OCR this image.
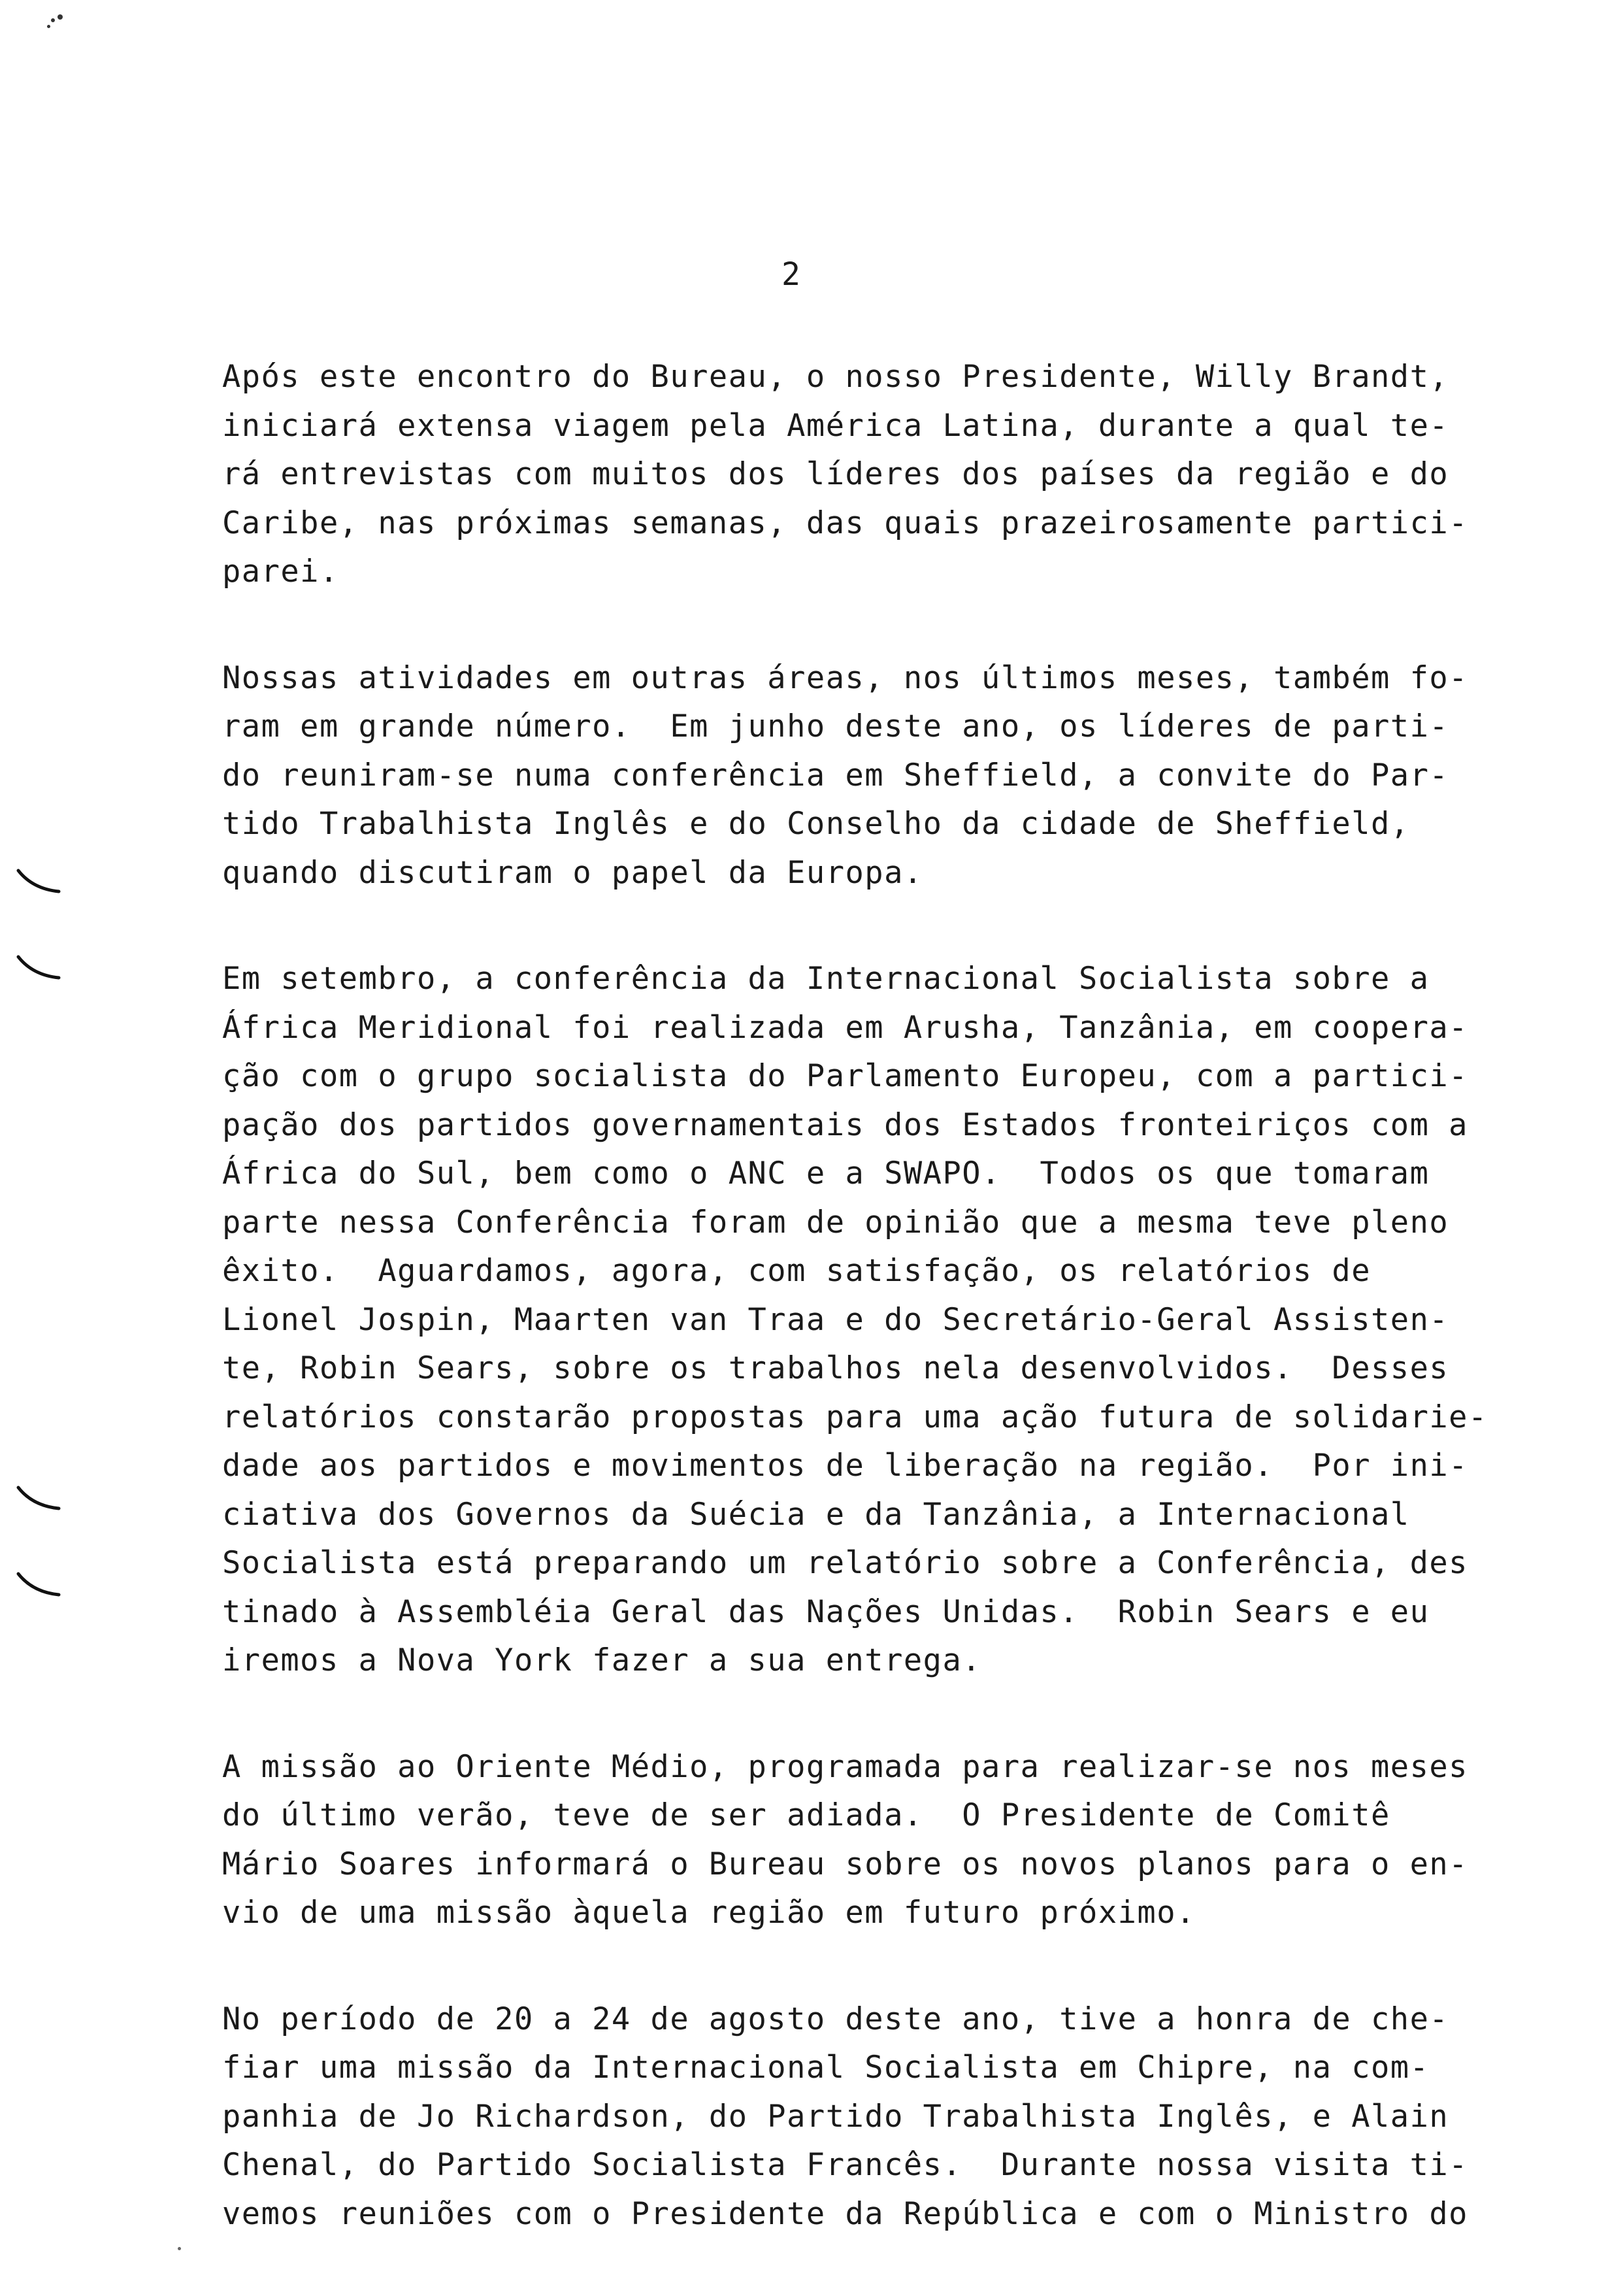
2
Após este encontro do Bureau, o nosso Presidente, Willy Brandt,
iniciará extensa viagem pela América Latina, durante a qual te-
rá entrevistas com muitos dos líderes dos países da região e do
Caribe, nas próximas semanas, das quais prazeirosamente partici-
parei.
Nossas atividades em outras áreas, nos últimos meses, também fo-
ram em grande número.  Em junho deste ano, os líderes de parti-
do reuniram-se numa conferência em Sheffield, a convite do Par-
tido Trabalhista Inglês e do Conselho da cidade de Sheffield,
quando discutiram o papel da Europa.
Em setembro, a conferência da Internacional Socialista sobre a
África Meridional foi realizada em Arusha, Tanzânia, em coopera-
ção com o grupo socialista do Parlamento Europeu, com a partici-
pação dos partidos governamentais dos Estados fronteiriços com a
África do Sul, bem como o ANC e a SWAPO.  Todos os que tomaram
parte nessa Conferência foram de opinião que a mesma teve pleno
êxito.  Aguardamos, agora, com satisfação, os relatórios de
Lionel Jospin, Maarten van Traa e do Secretário-Geral Assisten-
te, Robin Sears, sobre os trabalhos nela desenvolvidos.  Desses
relatórios constarão propostas para uma ação futura de solidarie-
dade aos partidos e movimentos de liberação na região.  Por ini-
ciativa dos Governos da Suécia e da Tanzânia, a Internacional
Socialista está preparando um relatório sobre a Conferência, des
tinado à Assembléia Geral das Nações Unidas.  Robin Sears e eu
iremos a Nova York fazer a sua entrega.
A missão ao Oriente Médio, programada para realizar-se nos meses
do último verão, teve de ser adiada.  O Presidente de Comitê
Mário Soares informará o Bureau sobre os novos planos para o en-
vio de uma missão àquela região em futuro próximo.
No período de 20 a 24 de agosto deste ano, tive a honra de che-
fiar uma missão da Internacional Socialista em Chipre, na com-
panhia de Jo Richardson, do Partido Trabalhista Inglês, e Alain
Chenal, do Partido Socialista Francês.  Durante nossa visita ti-
vemos reuniões com o Presidente da República e com o Ministro do
